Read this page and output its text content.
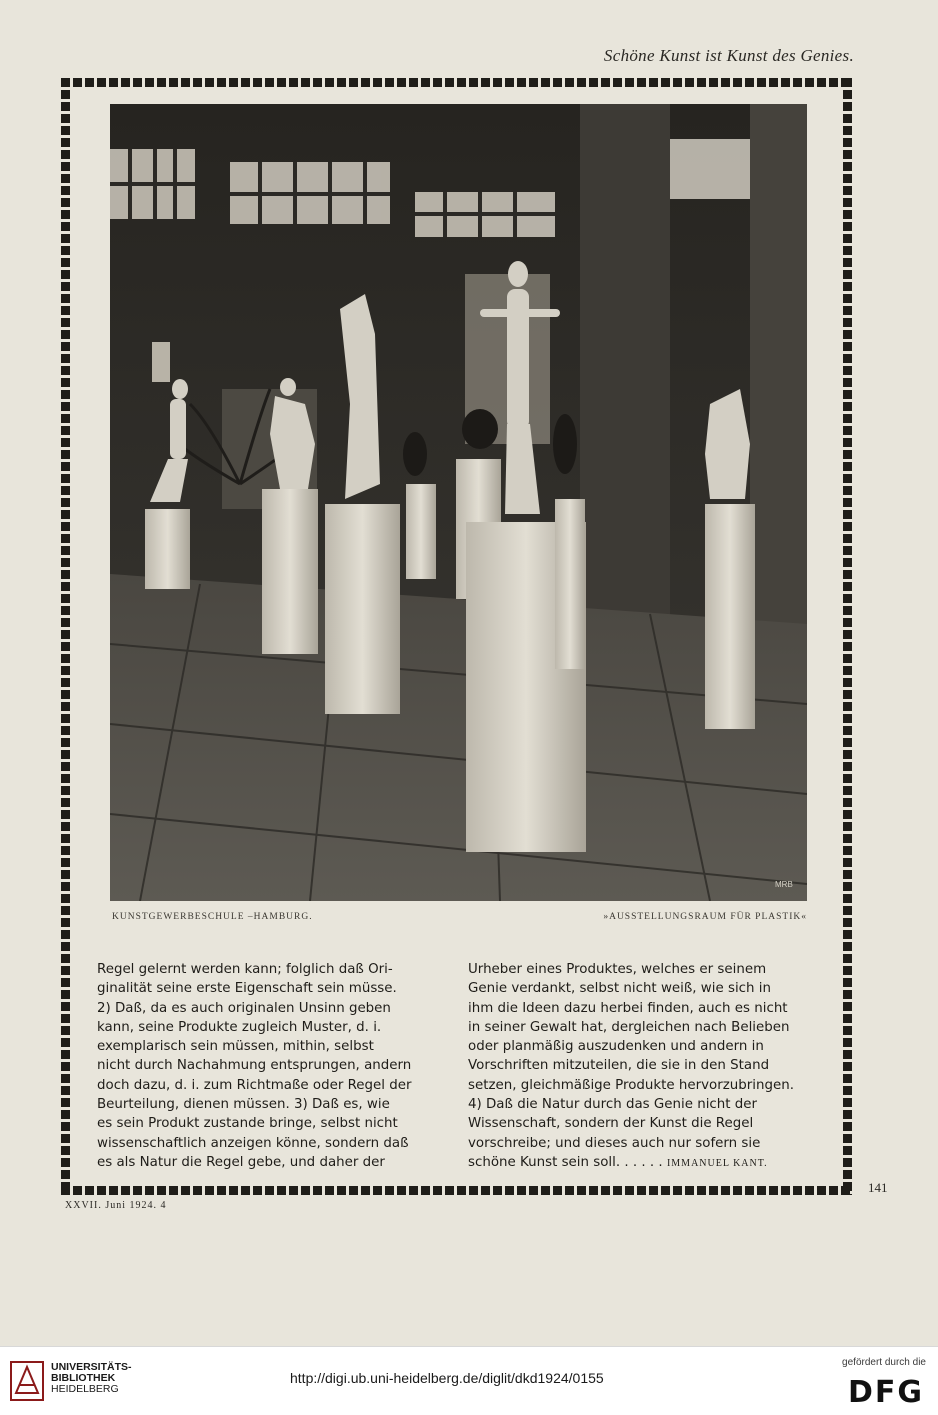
Schöne Kunst ist Kunst des Genies.
MRB
KUNSTGEWERBESCHULE –HAMBURG.	»AUSSTELLUNGSRAUM FÜR PLASTIK«

Regel gelernt werden kann; folglich daß Ori-

ginalität seine erste Eigenschaft sein müsse.

2) Daß, da es auch originalen Unsinn geben

kann, seine Produkte zugleich Muster, d. i.

exemplarisch sein müssen, mithin, selbst

nicht durch Nachahmung entsprungen, andern

doch dazu, d. i. zum Richtmaße oder Regel der

Beurteilung, dienen müssen. 3) Daß es, wie

es sein Produkt zustande bringe, selbst nicht

wissenschaftlich anzeigen könne, sondern daß

es als Natur die Regel gebe, und daher der

Urheber eines Produktes, welches er seinem

Genie verdankt, selbst nicht weiß, wie sich in

ihm die Ideen dazu herbei finden, auch es nicht

in seiner Gewalt hat, dergleichen nach Belieben

oder planmäßig auszudenken und andern in

Vorschriften mitzuteilen, die sie in den Stand

setzen, gleichmäßige Produkte hervorzubringen.

4) Daß die Natur durch das Genie nicht der

Wissenschaft, sondern der Kunst die Regel

vorschreibe; und dieses auch nur sofern sie

schöne Kunst sein soll. . . . . . IMMANUEL KANT.

141
XXVII. Juni 1924. 4
UNIVERSITÄTS-
BIBLIOTHEK
HEIDELBERG
http://digi.ub.uni-heidelberg.de/diglit/dkd1924/0155
gefördert durch die
DFG
